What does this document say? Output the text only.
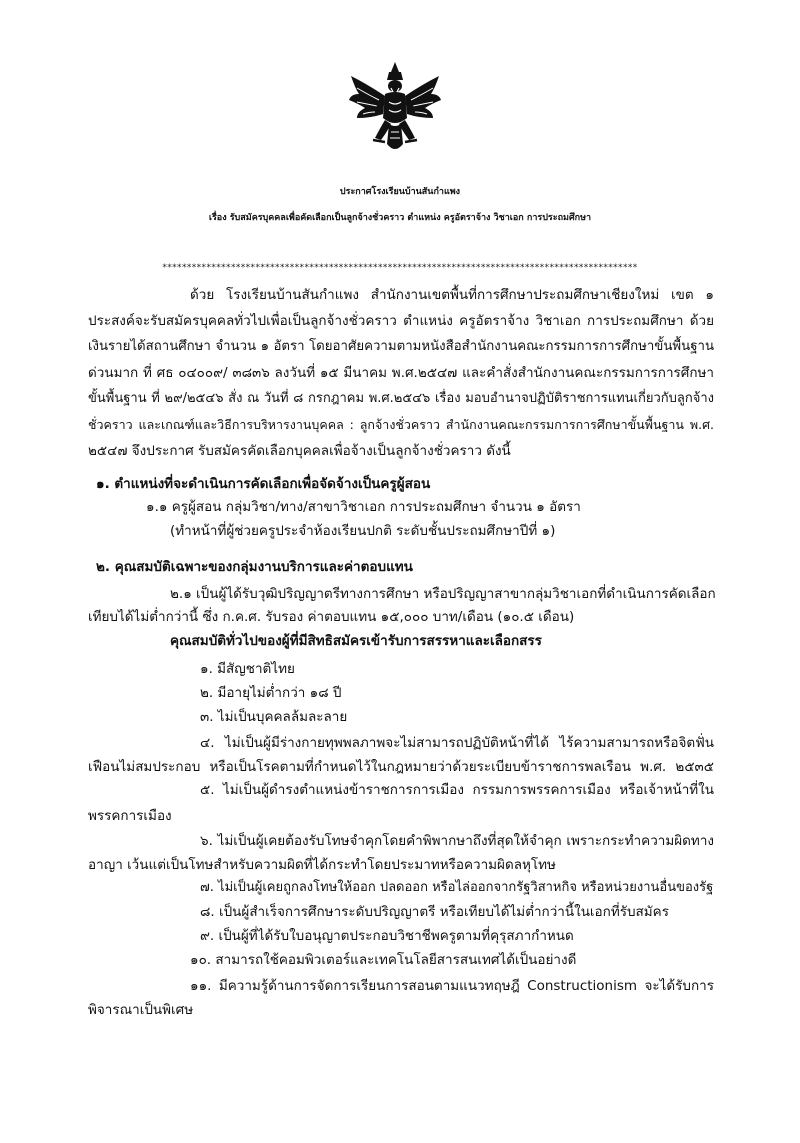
ประกาศโรงเรียนบ้านสันกำแพง
เรื่อง รับสมัครบุคคลเพื่อคัดเลือกเป็นลูกจ้างชั่วคราว ตำแหน่ง ครูอัตราจ้าง วิชาเอก การประถมศึกษา
*************************************************************************************************
ด้วย โรงเรียนบ้านสันกำแพง สำนักงานเขตพื้นที่การศึกษาประถมศึกษาเชียงใหม่ เขต ๑
ประสงค์จะรับสมัครบุคคลทั่วไปเพื่อเป็นลูกจ้างชั่วคราว ตำแหน่ง ครูอัตราจ้าง วิชาเอก การประถมศึกษา ด้วย
เงินรายได้สถานศึกษา จำนวน ๑ อัตรา โดยอาศัยความตามหนังสือสำนักงานคณะกรรมการการศึกษาขั้นพื้นฐาน
ด่วนมาก ที่ ศธ ๐๔๐๐๙/ ๓๘๓๖ ลงวันที่ ๑๕ มีนาคม พ.ศ.๒๕๔๗ และคำสั่งสำนักงานคณะกรรมการการศึกษา
ขั้นพื้นฐาน ที่ ๒๙/๒๕๔๖ สั่ง ณ วันที่ ๘ กรกฎาคม พ.ศ.๒๕๔๖ เรื่อง มอบอำนาจปฏิบัติราชการแทนเกี่ยวกับลูกจ้าง
ชั่วคราว และเกณฑ์และวิธีการบริหารงานบุคคล : ลูกจ้างชั่วคราว สำนักงานคณะกรรมการการศึกษาขั้นพื้นฐาน พ.ศ.
๒๕๔๗ จึงประกาศ รับสมัครคัดเลือกบุคคลเพื่อจ้างเป็นลูกจ้างชั่วคราว ดังนี้
๑. ตำแหน่งที่จะดำเนินการคัดเลือกเพื่อจัดจ้างเป็นครูผู้สอน
๑.๑ ครูผู้สอน กลุ่มวิชา/ทาง/สาขาวิชาเอก การประถมศึกษา จำนวน ๑ อัตรา
(ทำหน้าที่ผู้ช่วยครูประจำห้องเรียนปกติ ระดับชั้นประถมศึกษาปีที่ ๑)
๒. คุณสมบัติเฉพาะของกลุ่มงานบริการและค่าตอบแทน
๒.๑ เป็นผู้ได้รับวุฒิปริญญาตรีทางการศึกษา หรือปริญญาสาขากลุ่มวิชาเอกที่ดำเนินการคัดเลือก
เทียบได้ไม่ต่ำกว่านี้ ซึ่ง ก.ค.ศ. รับรอง ค่าตอบแทน ๑๕,๐๐๐ บาท/เดือน (๑๐.๕ เดือน)
คุณสมบัติทั่วไปของผู้ที่มีสิทธิสมัครเข้ารับการสรรหาและเลือกสรร
๑. มีสัญชาติไทย
๒. มีอายุไม่ต่ำกว่า ๑๘ ปี
๓. ไม่เป็นบุคคลล้มละลาย
๔. ไม่เป็นผู้มีร่างกายทุพพลภาพจะไม่สามารถปฏิบัติหน้าที่ได้ ไร้ความสามารถหรือจิตฟั่น
เฟือนไม่สมประกอบ หรือเป็นโรคตามที่กำหนดไว้ในกฎหมายว่าด้วยระเบียบข้าราชการพลเรือน พ.ศ. ๒๕๓๕
๕. ไม่เป็นผู้ดำรงตำแหน่งข้าราชการการเมือง กรรมการพรรคการเมือง หรือเจ้าหน้าที่ใน
พรรคการเมือง
๖. ไม่เป็นผู้เคยต้องรับโทษจำคุกโดยคำพิพากษาถึงที่สุดให้จำคุก เพราะกระทำความผิดทาง
อาญา เว้นแต่เป็นโทษสำหรับความผิดที่ได้กระทำโดยประมาทหรือความผิดลหุโทษ
๗. ไม่เป็นผู้เคยถูกลงโทษให้ออก ปลดออก หรือไล่ออกจากรัฐวิสาหกิจ หรือหน่วยงานอื่นของรัฐ
๘. เป็นผู้สำเร็จการศึกษาระดับปริญญาตรี หรือเทียบได้ไม่ต่ำกว่านี้ในเอกที่รับสมัคร
๙. เป็นผู้ที่ได้รับใบอนุญาตประกอบวิชาชีพครูตามที่คุรุสภากำหนด
๑๐. สามารถใช้คอมพิวเตอร์และเทคโนโลยีสารสนเทศได้เป็นอย่างดี
๑๑. มีความรู้ด้านการจัดการเรียนการสอนตามแนวทฤษฎี Constructionism จะได้รับการ
พิจารณาเป็นพิเศษ
